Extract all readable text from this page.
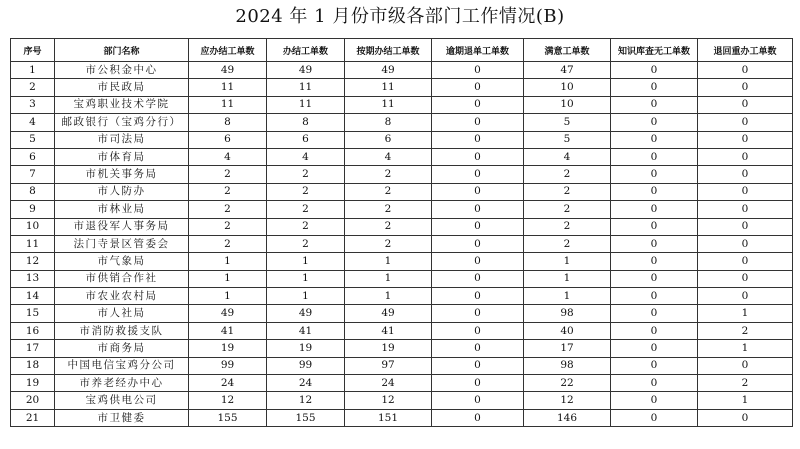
2024 年 1 月份市级各部门工作情况(B)
序号	部门名称	应办结工单数	办结工单数	按期办结工单数	逾期退单工单数	满意工单数	知识库查无工单数	退回重办工单数
1	市公积金中心	49	49	49	0	47	0	0
2	市民政局	11	11	11	0	10	0	0
3	宝鸡职业技术学院	11	11	11	0	10	0	0
4	邮政银行（宝鸡分行）	8	8	8	0	5	0	0
5	市司法局	6	6	6	0	5	0	0
6	市体育局	4	4	4	0	4	0	0
7	市机关事务局	2	2	2	0	2	0	0
8	市人防办	2	2	2	0	2	0	0
9	市林业局	2	2	2	0	2	0	0
10	市退役军人事务局	2	2	2	0	2	0	0
11	法门寺景区管委会	2	2	2	0	2	0	0
12	市气象局	1	1	1	0	1	0	0
13	市供销合作社	1	1	1	0	1	0	0
14	市农业农村局	1	1	1	0	1	0	0
15	市人社局	49	49	49	0	98	0	1
16	市消防救援支队	41	41	41	0	40	0	2
17	市商务局	19	19	19	0	17	0	1
18	中国电信宝鸡分公司	99	99	97	0	98	0	0
19	市养老经办中心	24	24	24	0	22	0	2
20	宝鸡供电公司	12	12	12	0	12	0	1
21	市卫健委	155	155	151	0	146	0	0
